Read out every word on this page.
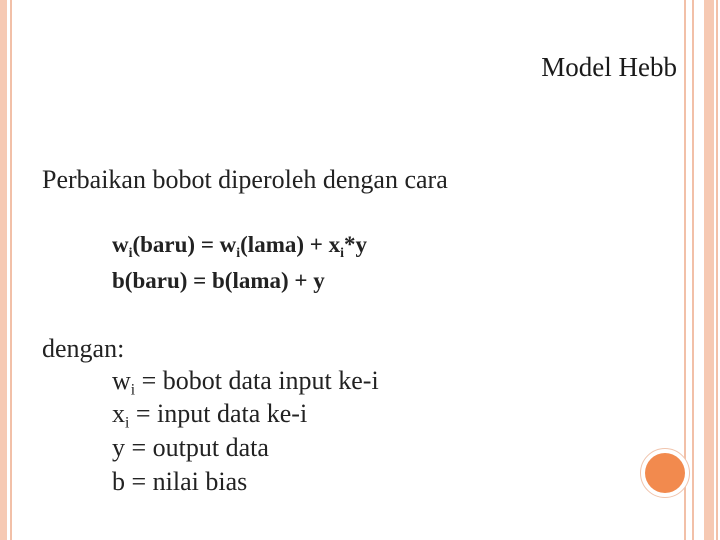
Model Hebb
Perbaikan bobot diperoleh dengan cara
$w_i(baru)$ = $w_i(lama) + x_i*y$
b(baru) = b(lama) + y
dengan:
$w_i$ = bobot data input ke-i
$x_i$ = input data ke-i
y = output data
b = nilai bias
